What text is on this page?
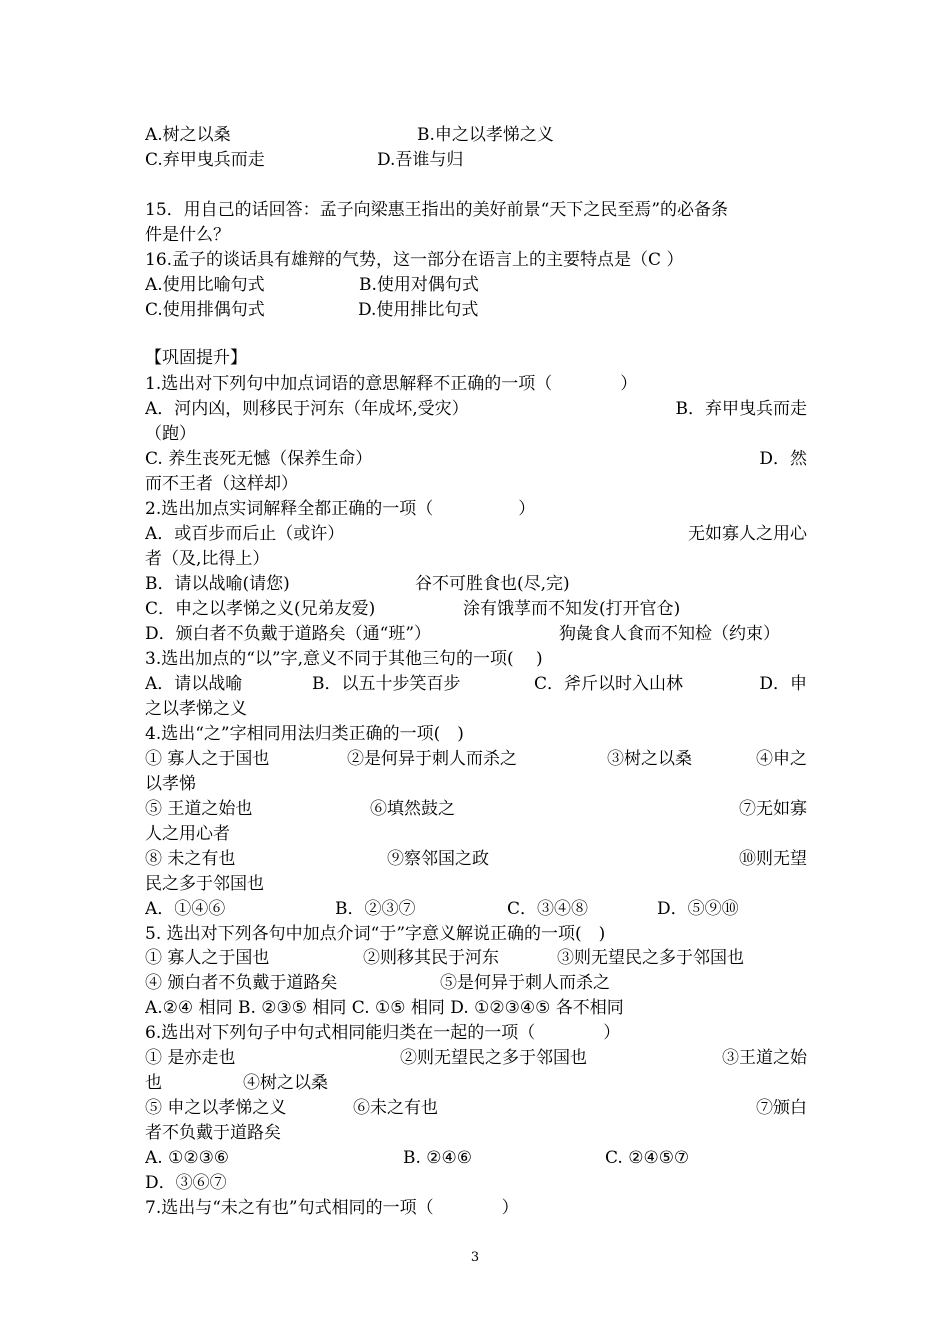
A.树之以桑	B.申之以孝悌之义
C.弃甲曳兵而走	D.吾谁与归
15．用自己的话回答：孟子向梁惠王指出的美好前景“天下之民至焉”的必备条
件是什么？
16.孟子的谈话具有雄辩的气势，这一部分在语言上的主要特点是（C ）
A.使用比喻句式	B.使用对偶句式
C.使用排偶句式	D.使用排比句式
【巩固提升】
1.选出对下列句中加点词语的意思解释不正确的一项（　　　　）
A．河内凶，则移民于河东（年成坏,受灾）	B．弃甲曳兵而走
（跑）
C. 养生丧死无憾（保养生命）	D．然
而不王者（这样却）
2.选出加点实词解释全都正确的一项（　　　　　）
A．或百步而后止（或许）	无如寡人之用心
者（及,比得上）
B．请以战喻(请您)	谷不可胜食也(尽,完)
C．申之以孝悌之义(兄弟友爱)	涂有饿莩而不知发(打开官仓)
D．颁白者不负戴于道路矣（通“班”）	狗彘食人食而不知检（约束）
3.选出加点的“以”字,意义不同于其他三句的一项(　 )
A．请以战喻	B．以五十步笑百步	C．斧斤以时入山林	D．申
之以孝悌之义
4.选出“之”字相同用法归类正确的一项(　)
① 寡人之于国也	②是何异于刺人而杀之	③树之以桑	④申之
以孝悌
⑤ 王道之始也	⑥填然鼓之	⑦无如寡
人之用心者
⑧ 未之有也	⑨察邻国之政	⑩则无望
民之多于邻国也
A．①④⑥	B．②③⑦	C．③④⑧	D．⑤⑨⑩
5. 选出对下列各句中加点介词“于”字意义解说正确的一项(　)
① 寡人之于国也	②则移其民于河东	③则无望民之多于邻国也
④ 颁白者不负戴于道路矣	⑤是何异于刺人而杀之
A.②④ 相同 B. ②③⑤ 相同 C. ①⑤ 相同 D. ①②③④⑤ 各不相同
6.选出对下列句子中句式相同能归类在一起的一项（　　　　）
① 是亦走也	②则无望民之多于邻国也	③王道之始
也	④树之以桑
⑤ 申之以孝悌之义	⑥未之有也	⑦颁白
者不负戴于道路矣
A. ①②③⑥	B. ②④⑥	C. ②④⑤⑦
D．③⑥⑦
7.选出与“未之有也”句式相同的一项（　　　　）
3
